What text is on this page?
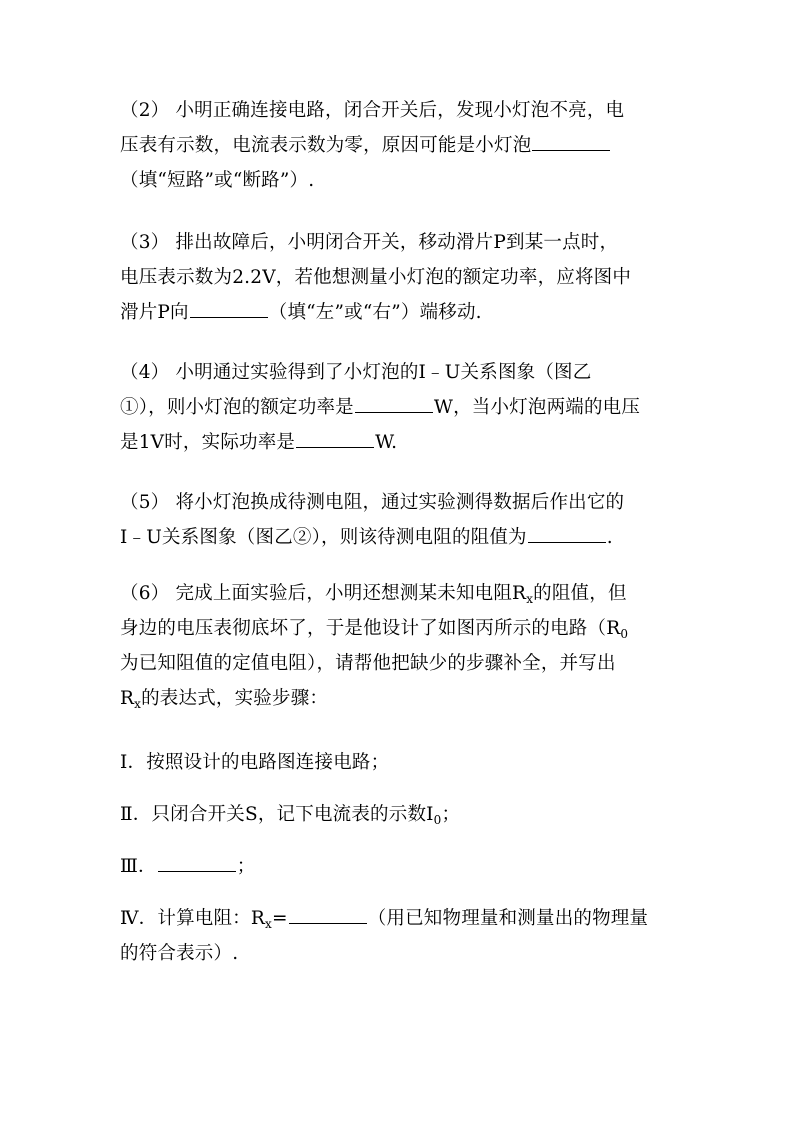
（2） 小明正确连接电路，闭合开关后，发现小灯泡不亮，电
压表有示数，电流表示数为零，原因可能是小灯泡
（填“短路”或“断路”）.
（3） 排出故障后，小明闭合开关，移动滑片P到某一点时，
电压表示数为2.2V，若他想测量小灯泡的额定功率，应将图中
滑片P向	（填“左”或“右”）端移动.
（4） 小明通过实验得到了小灯泡的I﹣U关系图象（图乙
①），则小灯泡的额定功率是	W，当小灯泡两端的电压
是1V时，实际功率是	W.
（5） 将小灯泡换成待测电阻，通过实验测得数据后作出它的
I﹣U关系图象（图乙②），则该待测电阻的阻值为	.
（6） 完成上面实验后，小明还想测某未知电阻$R_x$的阻值，但
身边的电压表彻底坏了，于是他设计了如图丙所示的电路（$R_0$
为已知阻值的定值电阻），请帮他把缺少的步骤补全，并写出
$R_x$的表达式，实验步骤：
Ⅰ．按照设计的电路图连接电路；
Ⅱ．只闭合开关S，记下电流表的示数$I_0$；
Ⅲ．	；
Ⅳ．计算电阻：$R_x=$	（用已知物理量和测量出的物理量
的符合表示）.
